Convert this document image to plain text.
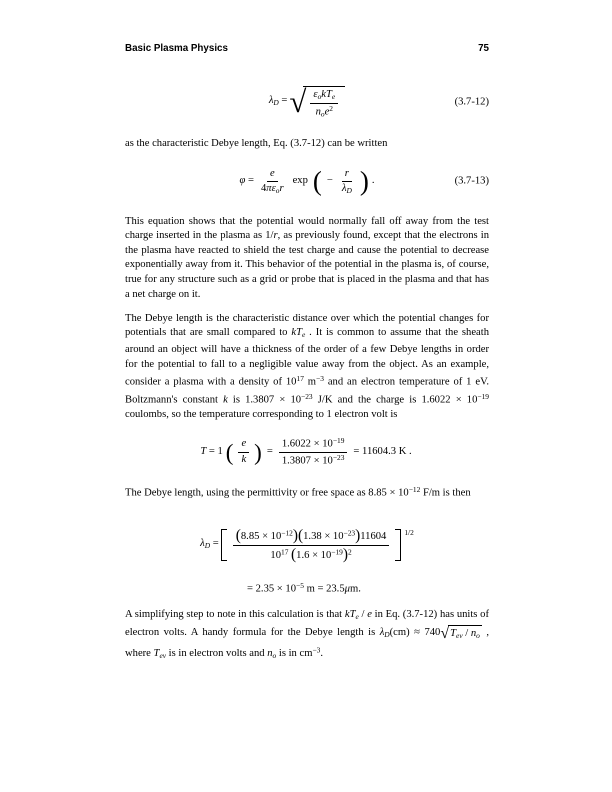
Basic Plasma Physics	75
λD = √ $\frac{\text{εokTe}}{noe^2}$	(3.7-12)

as the characteristic Debye length, Eq. (3.7-12) can be written

$\varphi = \frac{e}{\text{4πεor}}$ exp ( − $\frac{r}{\lambda D}$ ) .	(3.7-13)

This equation shows that the potential would normally fall off away from the test charge inserted in the plasma as 1/r, as previously found, except that the electrons in the plasma have reacted to shield the test charge and cause the potential to decrease exponentially away from it. This behavior of the potential in the plasma is, of course, true for any structure such as a grid or probe that is placed in the plasma and that has a net charge on it.

The Debye length is the characteristic distance over which the potential changes for potentials that are small compared to kTe . It is common to assume that the sheath around an object will have a thickness of the order of a few Debye lengths in order for the potential to fall to a negligible value away from the object. As an example, consider a plasma with a density of $10^{17}$ $m^{-3}$ and an electron temperature of 1 eV. Boltzmann's constant k is $1.3807 \times 10^{-23}$ J/K and the charge is $1.6022 \times 10^{-19}$ coulombs, so the temperature corresponding to 1 electron volt is

T = 1 ( $\frac{e}{k}$ ) = $\frac{1.6022 \times 10^{-19}}{1.3807 \times 10^{-23}} = 11604.3$ K .

The Debye length, using the permittivity or free space as $8.85 \times 10^{-12}$ F/m is then

$\lambda D = \frac{(8.85 \times 10^{-12})(1.38 \times 10^{-23})11604}{10^{17} (1.6 \times 10^{-19})^2} 1/2$
= $2.35 \times 10^{-5}$ m = 23.5μm.

A simplifying step to note in this calculation is that kTe / e in Eq. (3.7-12) has units of electron volts. A handy formula for the Debye length is λD(cm) ≈ 740 √ Tev / no , where Tev is in electron volts and no is in $cm^{-3}$.
